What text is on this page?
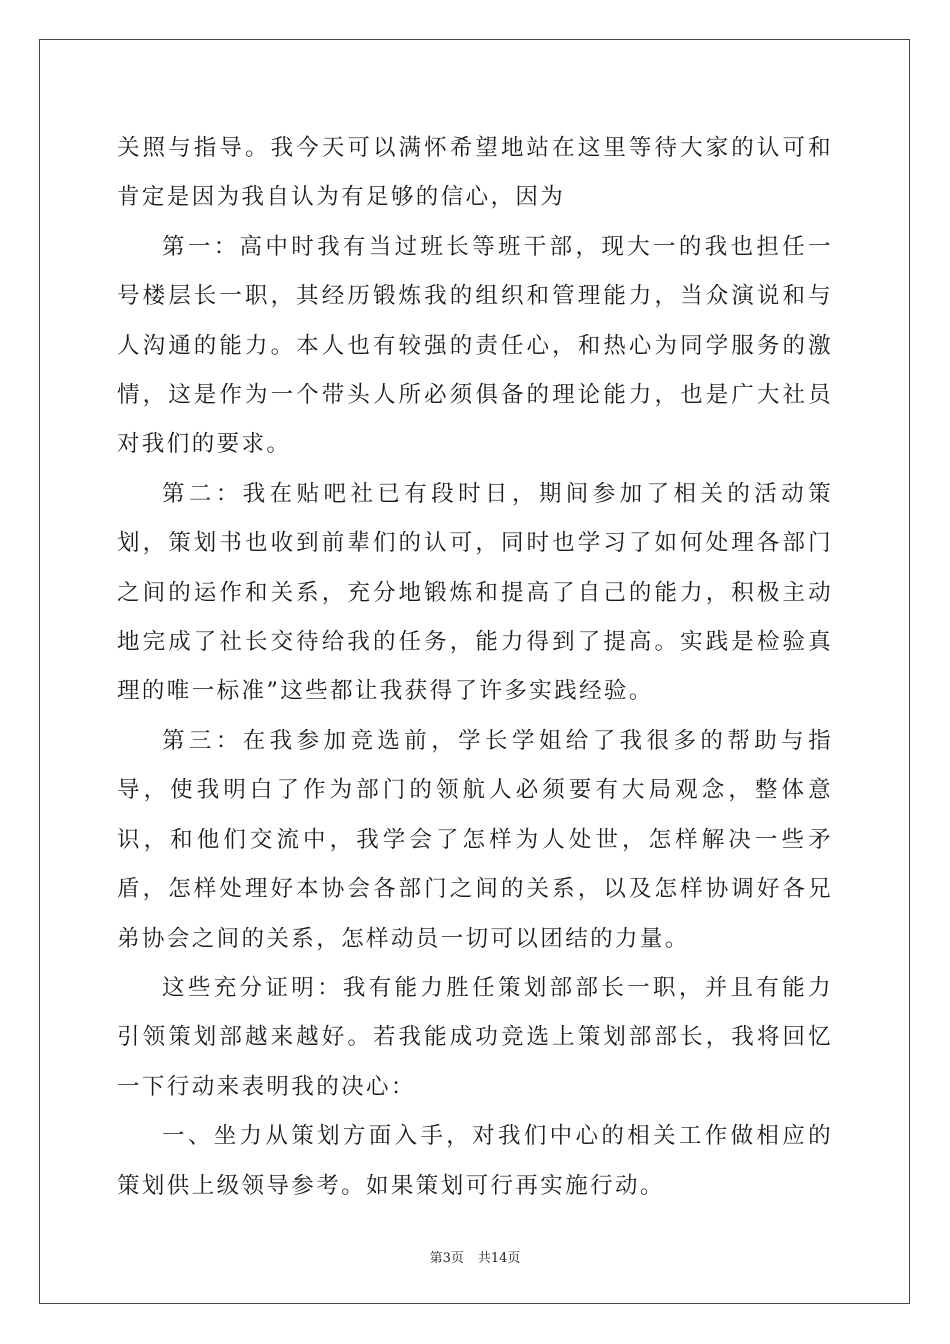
关照与指导。我今天可以满怀希望地站在这里等待大家的认可和肯定是因为我自认为有足够的信心，因为

第一：高中时我有当过班长等班干部，现大一的我也担任一号楼层长一职，其经历锻炼我的组织和管理能力，当众演说和与人沟通的能力。本人也有较强的责任心，和热心为同学服务的激情，这是作为一个带头人所必须俱备的理论能力，也是广大社员对我们的要求。

第二：我在贴吧社已有段时日，期间参加了相关的活动策划，策划书也收到前辈们的认可，同时也学习了如何处理各部门之间的运作和关系，充分地锻炼和提高了自己的能力，积极主动地完成了社长交待给我的任务，能力得到了提高。实践是检验真理的唯一标准”这些都让我获得了许多实践经验。

第三：在我参加竞选前，学长学姐给了我很多的帮助与指导，使我明白了作为部门的领航人必须要有大局观念，整体意识，和他们交流中，我学会了怎样为人处世，怎样解决一些矛盾，怎样处理好本协会各部门之间的关系，以及怎样协调好各兄弟协会之间的关系，怎样动员一切可以团结的力量。

这些充分证明：我有能力胜任策划部部长一职，并且有能力引领策划部越来越好。若我能成功竞选上策划部部长，我将回忆一下行动来表明我的决心：

一、坐力从策划方面入手，对我们中心的相关工作做相应的策划供上级领导参考。如果策划可行再实施行动。

第3页 共14页
